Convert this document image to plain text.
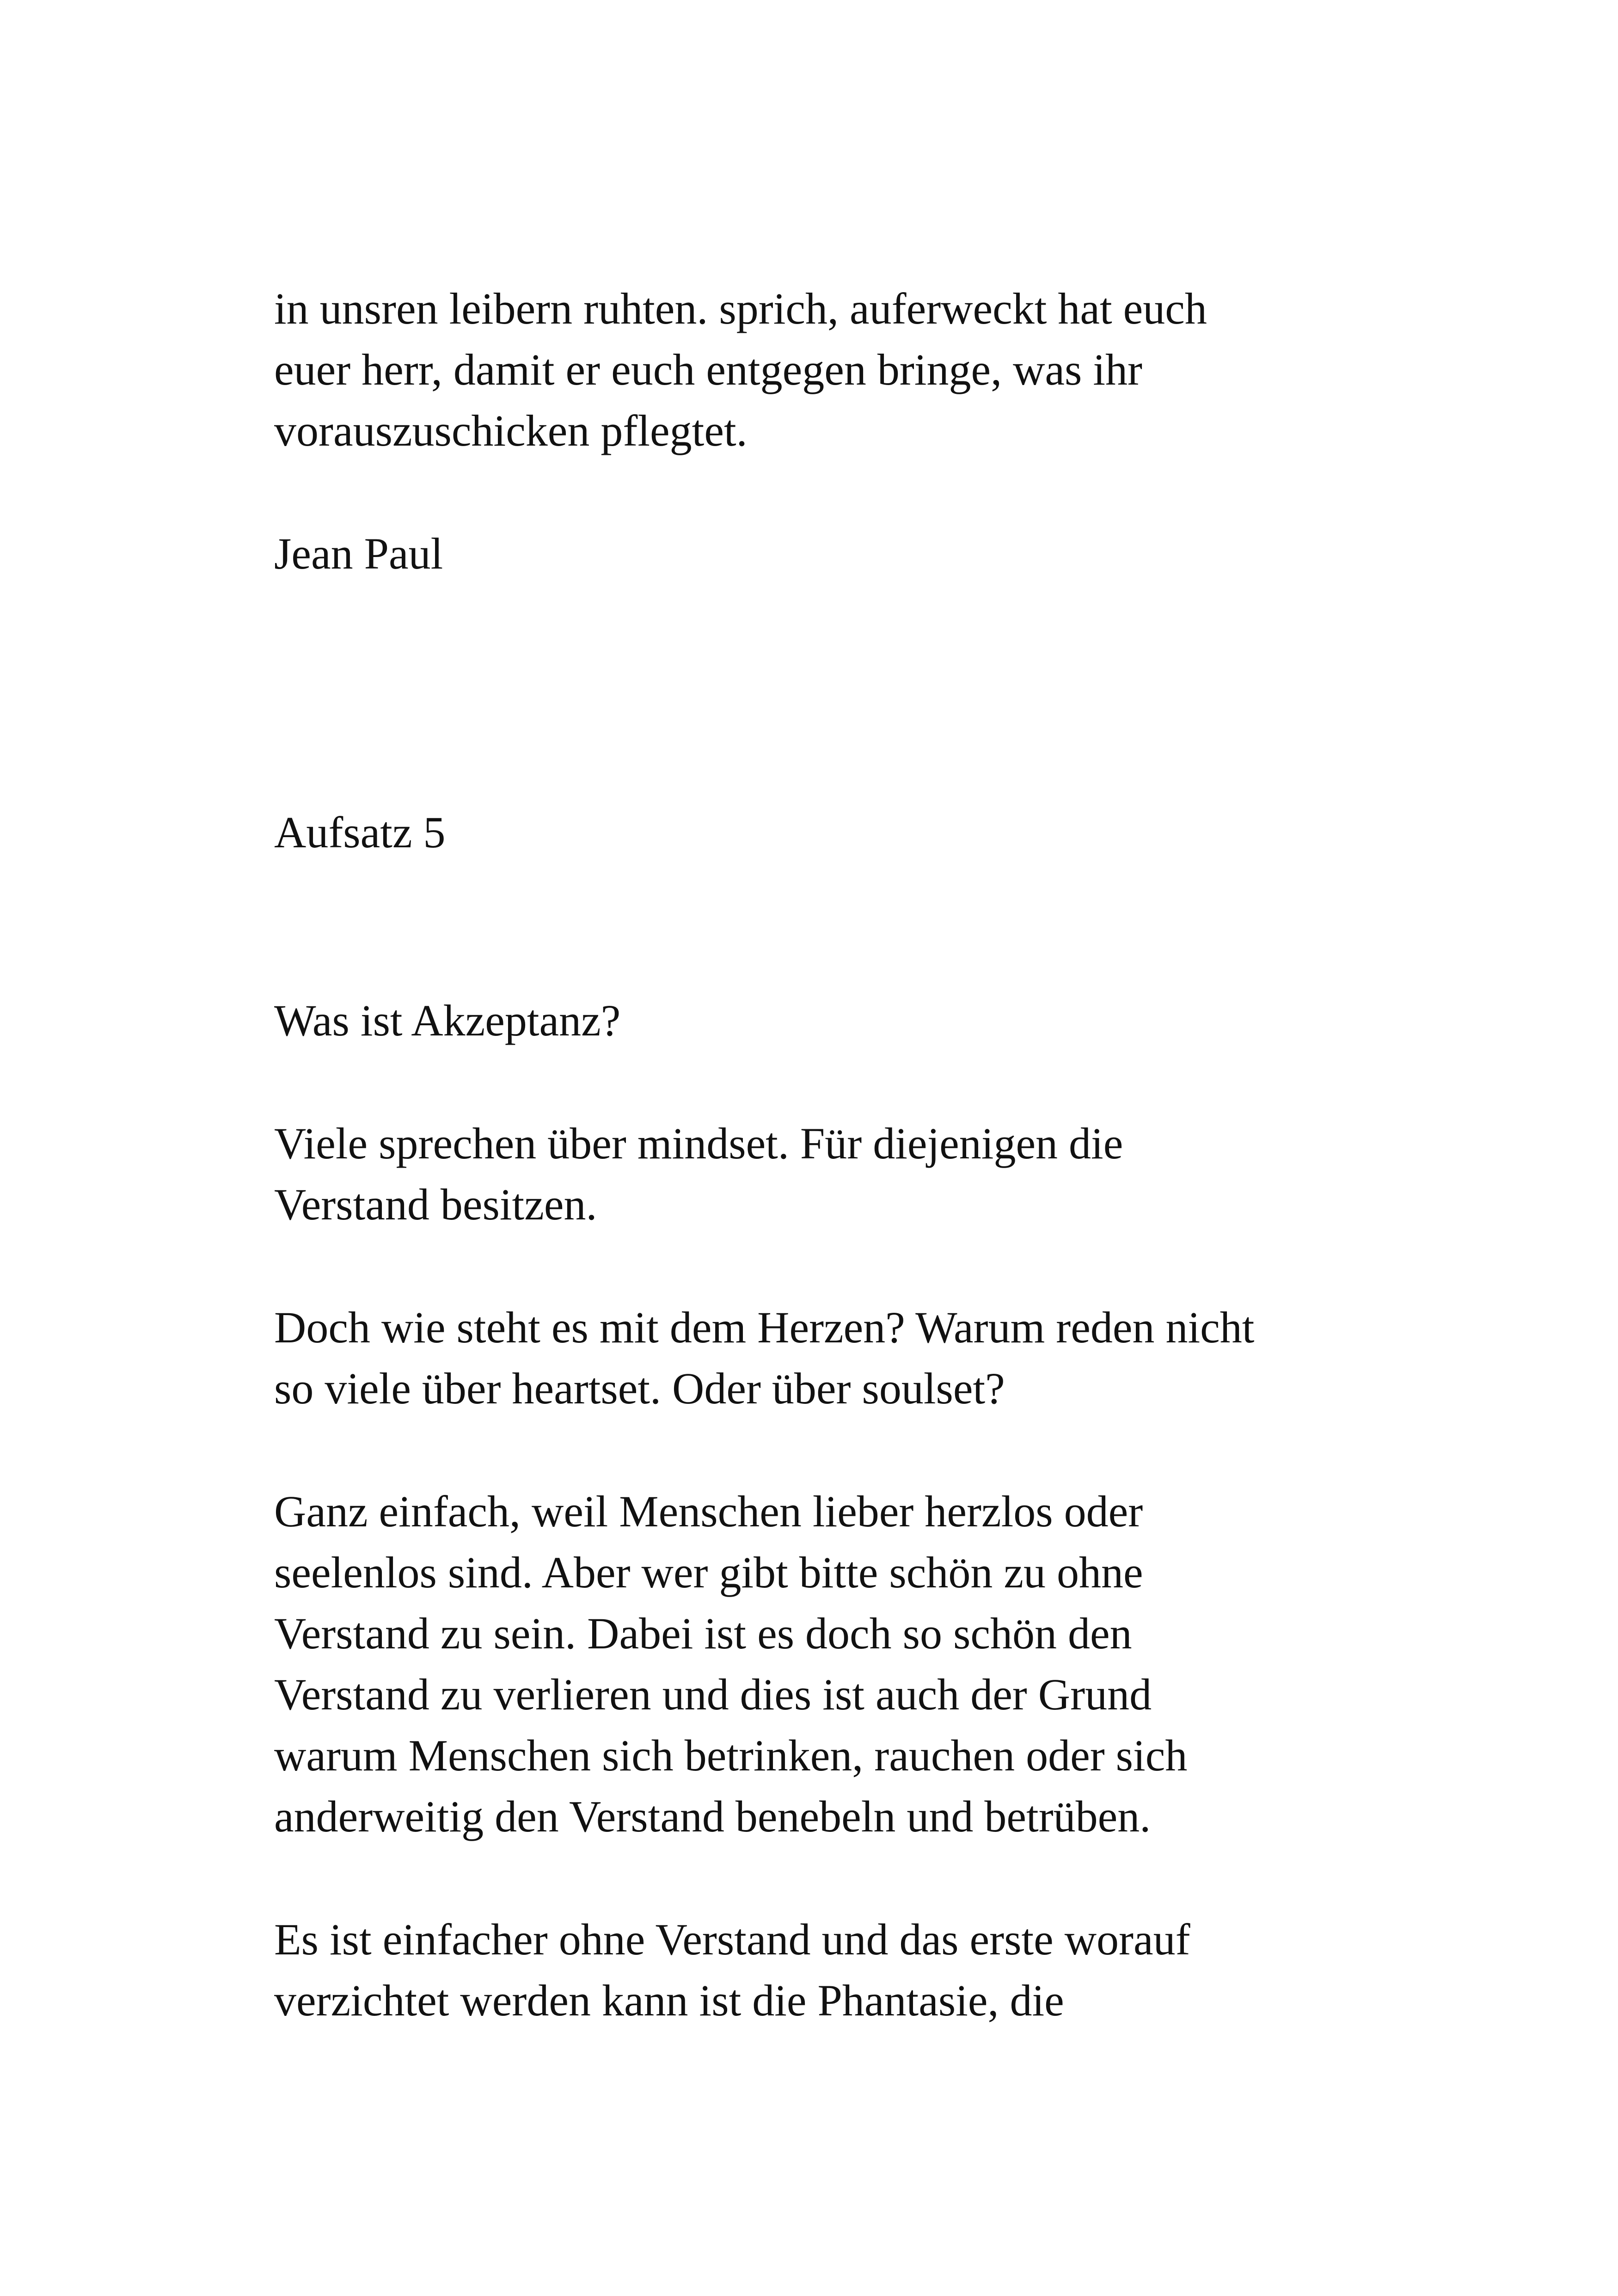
in unsren leibern ruhten. sprich, auferweckt hat euch

euer herr, damit er euch entgegen bringe, was ihr

vorauszuschicken pflegtet.

Jean Paul

Aufsatz 5

Was ist Akzeptanz?

Viele sprechen über mindset. Für diejenigen die

Verstand besitzen.

Doch wie steht es mit dem Herzen? Warum reden nicht

so viele über heartset. Oder über soulset?

Ganz einfach, weil Menschen lieber herzlos oder

seelenlos sind. Aber wer gibt bitte schön zu ohne

Verstand zu sein. Dabei ist es doch so schön den

Verstand zu verlieren und dies ist auch der Grund

warum Menschen sich betrinken, rauchen oder sich

anderweitig den Verstand benebeln und betrüben.

Es ist einfacher ohne Verstand und das erste worauf

verzichtet werden kann ist die Phantasie, die
